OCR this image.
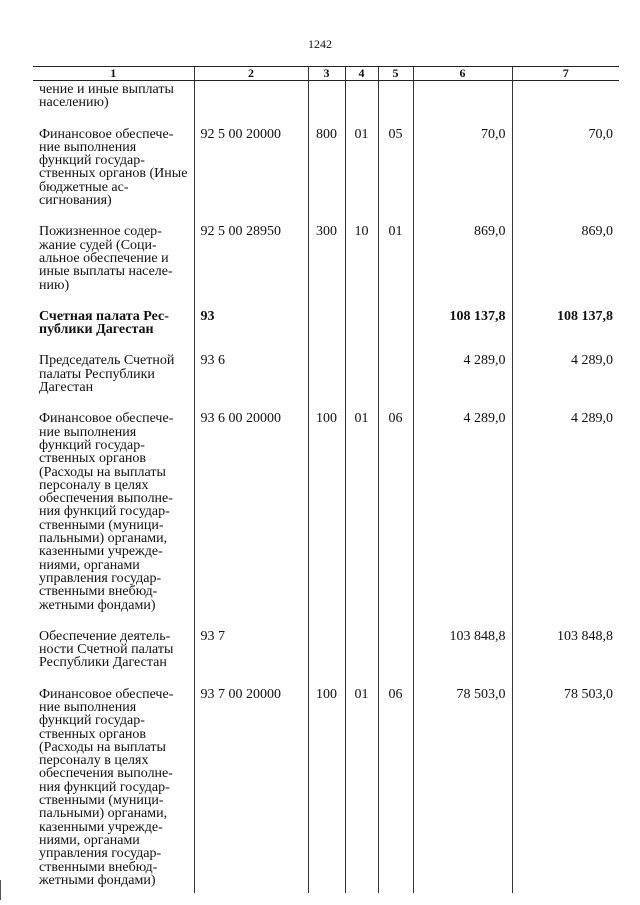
1242
1	2	3	4	5	6	7
чение и иные выплаты населению)						
Финансовое обеспечение выполнения функций государственных органов (Иные бюджетные ассигнования)	92 5 00 20000	800	01	05	70,0	70,0
Пожизненное содержание судей (Социальное обеспечение и иные выплаты населению)	92 5 00 28950	300	10	01	869,0	869,0
Счетная палата Республики Дагестан	93				108 137,8	108 137,8
Председатель Счетной палаты Республики Дагестан	93 6				4 289,0	4 289,0
Финансовое обеспечение выполнения функций государственных органов (Расходы на выплаты персоналу в целях обеспечения выполнения функций государственными (муниципальными) органами, казенными учреждениями, органами управления государственными внебюджетными фондами)	93 6 00 20000	100	01	06	4 289,0	4 289,0
Обеспечение деятельности Счетной палаты Республики Дагестан	93 7				103 848,8	103 848,8
Финансовое обеспечение выполнения функций государственных органов (Расходы на выплаты персоналу в целях обеспечения выполнения функций государственными (муниципальными) органами, казенными учреждениями, органами управления государственными внебюджетными фондами)	93 7 00 20000	100	01	06	78 503,0	78 503,0
